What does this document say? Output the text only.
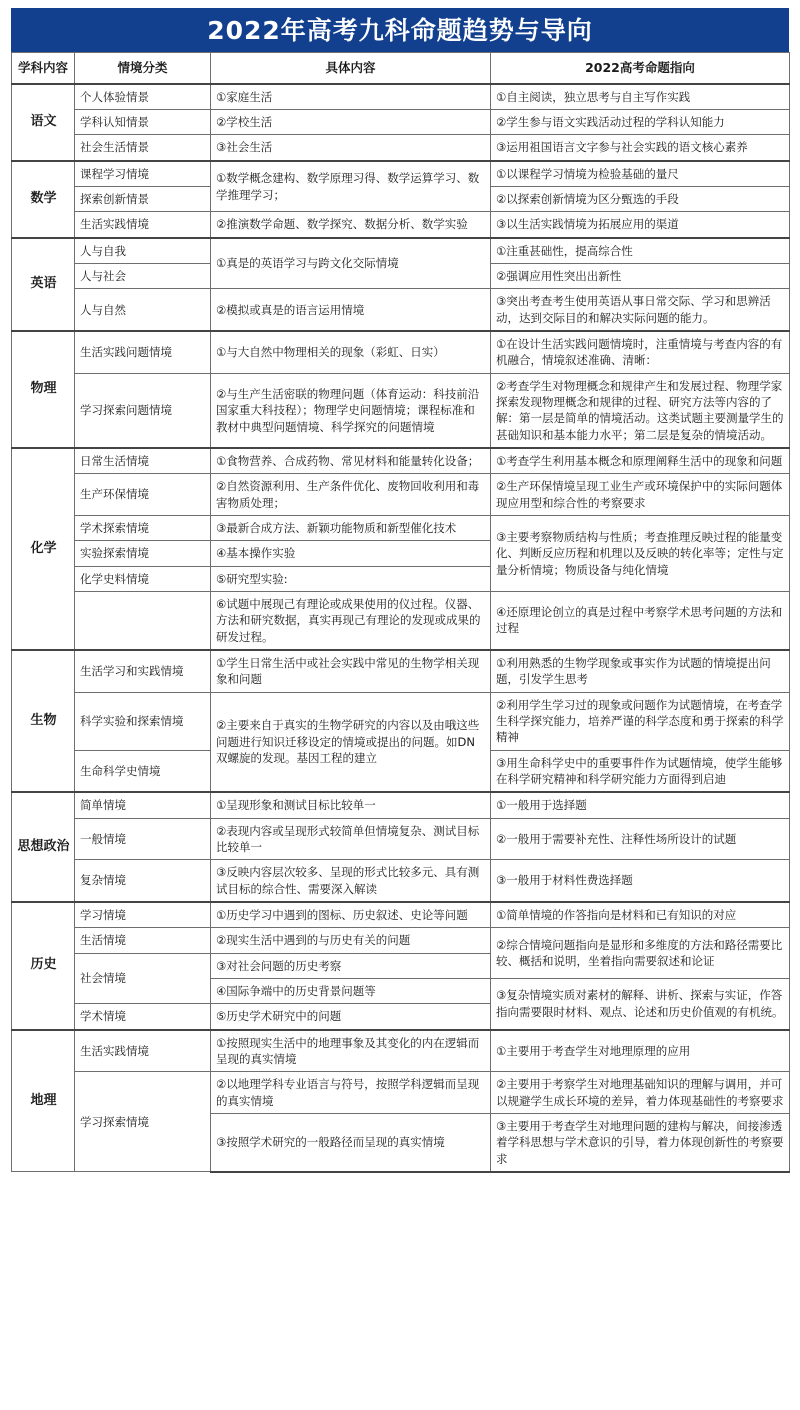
2022年高考九科命题趋势与导向
学科内容	情境分类	具体内容	2022高考命题指向
语文	个人体验情景	①家庭生活	①自主阅读，独立思考与自主写作实践
	学科认知情景	②学校生活	②学生参与语文实践活动过程的学科认知能力
	社会生活情景	③社会生活	③运用祖国语言文字参与社会实践的语文核心素养
数学	课程学习情境	①数学概念建构、数学原理习得、数学运算学习、数学推理学习；	①以课程学习情境为检验基础的量尺
	探索创新情景		②以探索创新情境为区分甄选的手段
	生活实践情境	②推演数学命题、数学探究、数据分析、数学实验	③以生活实践情境为拓展应用的渠道
英语	人与自我	①真是的英语学习与跨文化交际情境	①注重甚础性，提高综合性
	人与社会		②强调应用性突出出新性
	人与自然	②模拟或真是的语言运用情境	③突出考查考生使用英语从事日常交际、学习和思辨活动，达到交际目的和解决实际问题的能力。
物理	生活实践问题情境	①与大自然中物理相关的现象（彩虹、日实）	①在设计生活实践问题情境时，注重情境与考查内容的有机融合，情境叙述准确、清晰：
	学习探索问题情境	②与生产生活密联的物理问题（体育运动：科技前沿国家重大科技程）；物理学史问题情境；课程标准和教材中典型问题情境、科学探究的问题情境	②考查学生对物理概念和规律产生和发展过程、物理学家探索发现物理概念和规律的过程、研究方法等内容的了解：第一层是简单的情境活动。这类试题主要测量学生的甚础知识和基本能力水平；第二层是复杂的情境活动。
化学	日常生活情境	①食物营养、合成药物、常见材料和能量转化设备；	①考查学生利用基本概念和原理阐释生活中的现象和问题
	生产环保情境	②自然资源利用、生产条件优化、废物回收利用和毒害物质处理；	②生产环保情境呈现工业生产或环境保护中的实际问题体现应用型和综合性的考察要求
	学术探索情境	③最新合成方法、新颖功能物质和新型催化技术	③主要考察物质结构与性质；考查推理反映过程的能量变化、判断反应历程和机理以及反映的转化率等；定性与定量分析情境；物质设备与纯化情境
	实验探索情境	④基本操作实验	
	化学史料情境	⑤研究型实验:	
		⑥试题中展现己有理论或成果使用的仪过程。仪器、方法和研究数据，真实再现己有理论的发现或成果的研发过程。	④还原理论创立的真是过程中考察学术思考问题的方法和过程
生物	生活学习和实践情境	①学生日常生活中或社会实践中常见的生物学相关现象和问题	①利用熟悉的生物学现象或事实作为试题的情境提出问题，引发学生思考
	科学实验和探索情境	②主要来自于真实的生物学研究的内容以及由哦这些问题进行知识迁移设定的情境或提出的问题。如DN双螺旋的发现。基因工程的建立	②利用学生学习过的现象或问题作为试题情境，在考查学生科学探究能力，培养严谨的科学态度和勇于探索的科学精神
	生命科学史情境		③用生命科学史中的重要事件作为试题情境，使学生能够在科学研究精神和科学研究能力方面得到启迪
思想政治	简单情境	①呈现形象和测试目标比较单一	①一般用于选择题
	一般情境	②表现内容或呈现形式较简单但情境复杂、测试目标比较单一	②一般用于需要补充性、注释性场所设计的试题
	复杂情境	③反映内容层次较多、呈现的形式比较多元、具有测试目标的综合性、需要深入解读	③一般用于材料性费选择题
历史	学习情境	①历史学习中遇到的图标、历史叙述、史论等问题	①简单情境的作答指向是材料和已有知识的对应
	生活情境	②现实生活中遇到的与历史有关的问题	②综合情境问题指向是显形和多维度的方法和路径需要比较、概括和说明，坐着指向需要叙述和论证
	社会情境	③对社会问题的历史考察	
		④国际争端中的历史背景问题等	③复杂情境实质对素材的解释、讲析、探索与实证，作答指向需要限时材料、观点、论述和历史价值观的有机统。
	学术情境	⑤历史学术研究中的问题	
地理	生活实践情境	①按照现实生活中的地理事象及其变化的内在逻辑而呈现的真实情境	①主要用于考查学生对地理原理的应用
	学习探索情境	②以地理学科专业语言与符号，按照学科逻辑而呈现的真实情境	②主要用于考察学生对地理基础知识的理解与调用，并可以规避学生成长环境的差异，着力体现基础性的考察要求
		③按照学术研究的一般路径而呈现的真实情境	③主要用于考查学生对地理问题的建构与解决，间接渗透着学科思想与学术意识的引导，着力体现创新性的考察要求
